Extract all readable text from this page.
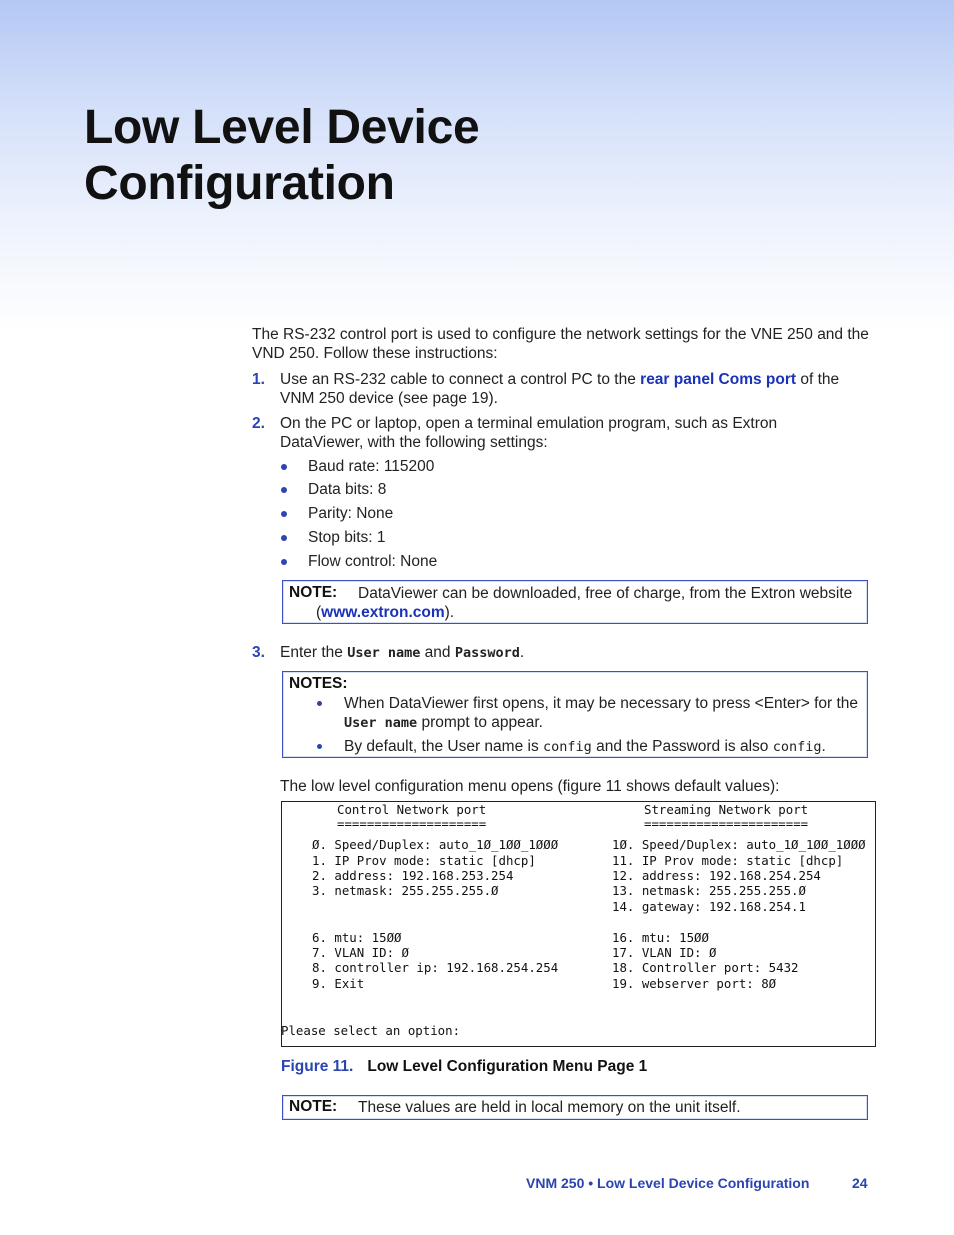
Low Level Device
Configuration
The RS-232 control port is used to configure the network settings for the VNE 250 and the VND 250. Follow these instructions:
1. Use an RS-232 cable to connect a control PC to the rear panel Coms port of the VNM 250 device (see page 19).
2. On the PC or laptop, open a terminal emulation program, such as Extron DataViewer, with the following settings:
Baud rate: 115200
Data bits: 8
Parity: None
Stop bits: 1
Flow control: None
NOTE: DataViewer can be downloaded, free of charge, from the Extron website
(www.extron.com).
3. Enter the User name and Password.
NOTES:
When DataViewer first opens, it may be necessary to press <Enter> for the
User name prompt to appear.
By default, the User name is config and the Password is also config.
The low level configuration menu opens (figure 11 shows default values):
Control Network port
====================
Streaming Network port
======================
Ø. Speed/Duplex: auto_1Ø_1ØØ_1ØØØ
1. IP Prov mode: static [dhcp]
2. address: 192.168.253.254
3. netmask: 255.255.255.Ø
6. mtu: 15ØØ
7. VLAN ID: Ø
8. controller ip: 192.168.254.254
9. Exit
1Ø. Speed/Duplex: auto_1Ø_1ØØ_1ØØØ
11. IP Prov mode: static [dhcp]
12. address: 192.168.254.254
13. netmask: 255.255.255.Ø
14. gateway: 192.168.254.1
16. mtu: 15ØØ
17. VLAN ID: Ø
18. Controller port: 5432
19. webserver port: 8Ø
Please select an option:
Figure 11. Low Level Configuration Menu Page 1
NOTE: These values are held in local memory on the unit itself.
VNM 250 • Low Level Device Configuration	24
